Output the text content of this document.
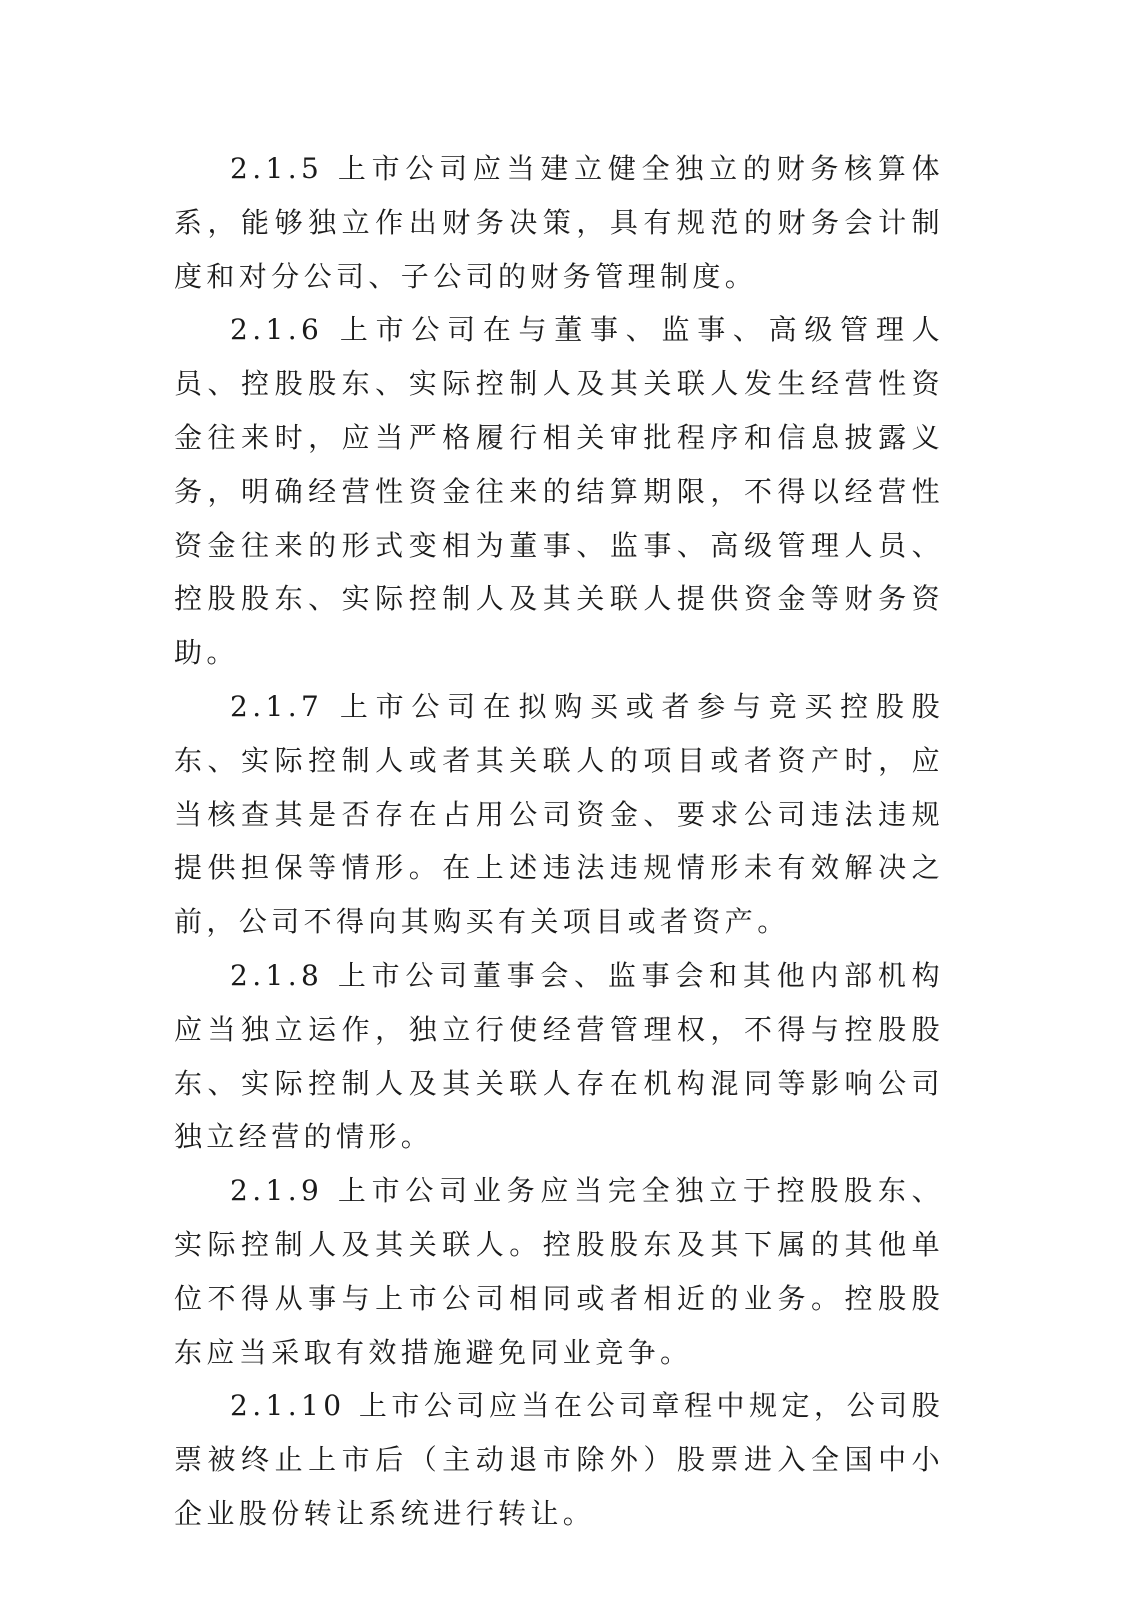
2.1.5 上市公司应当建立健全独立的财务核算体系，能够独立作出财务决策，具有规范的财务会计制度和对分公司、子公司的财务管理制度。

2.1.6 上市公司在与董事、监事、高级管理人员、控股股东、实际控制人及其关联人发生经营性资金往来时，应当严格履行相关审批程序和信息披露义务，明确经营性资金往来的结算期限，不得以经营性资金往来的形式变相为董事、监事、高级管理人员、控股股东、实际控制人及其关联人提供资金等财务资助。

2.1.7 上市公司在拟购买或者参与竞买控股股东、实际控制人或者其关联人的项目或者资产时，应当核查其是否存在占用公司资金、要求公司违法违规提供担保等情形。在上述违法违规情形未有效解决之前，公司不得向其购买有关项目或者资产。

2.1.8 上市公司董事会、监事会和其他内部机构应当独立运作，独立行使经营管理权，不得与控股股东、实际控制人及其关联人存在机构混同等影响公司独立经营的情形。

2.1.9 上市公司业务应当完全独立于控股股东、实际控制人及其关联人。控股股东及其下属的其他单位不得从事与上市公司相同或者相近的业务。控股股东应当采取有效措施避免同业竞争。

2.1.10 上市公司应当在公司章程中规定，公司股票被终止上市后（主动退市除外）股票进入全国中小企业股份转让系统进行转让。
